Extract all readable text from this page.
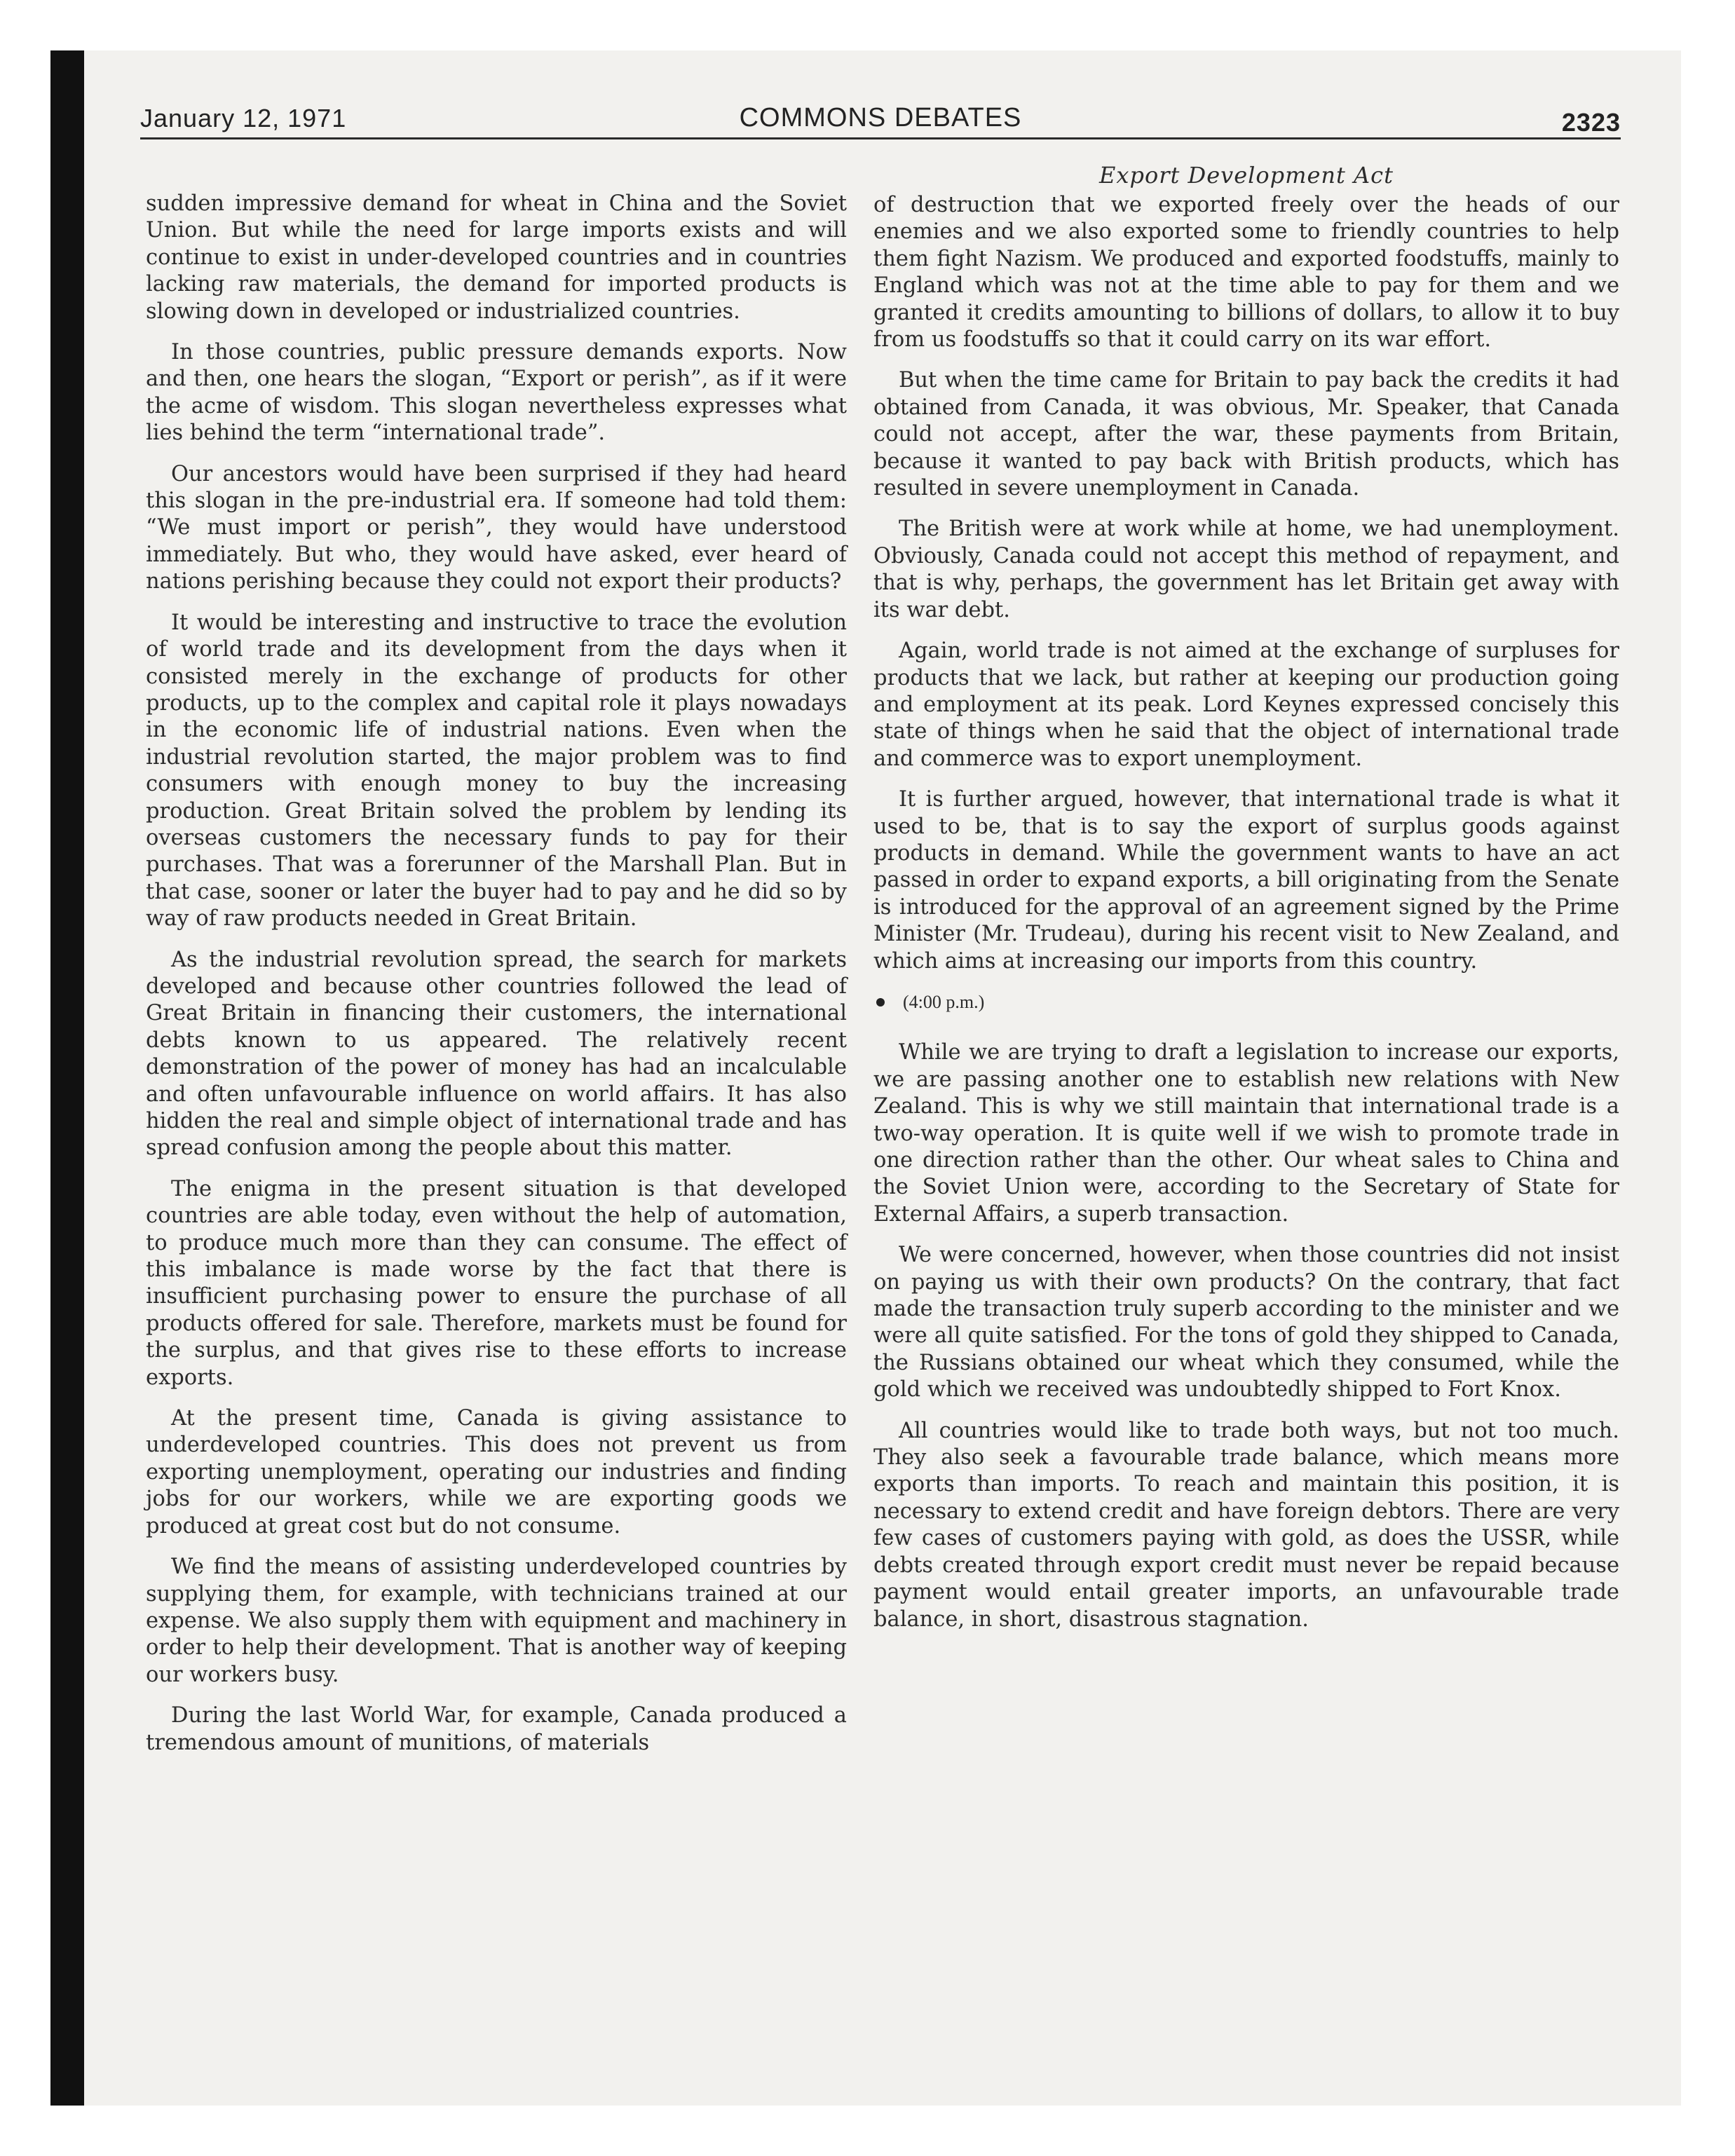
January 12, 1971	COMMONS DEBATES	2323

sudden impressive demand for wheat in China and the Soviet Union. But while the need for large imports exists and will continue to exist in under-developed countries and in countries lacking raw materials, the demand for imported products is slowing down in developed or industrialized countries.

In those countries, public pressure demands exports. Now and then, one hears the slogan, “Export or perish”, as if it were the acme of wisdom. This slogan nevertheless expresses what lies behind the term “international trade”.

Our ancestors would have been surprised if they had heard this slogan in the pre-industrial era. If someone had told them: “We must import or perish”, they would have understood immediately. But who, they would have asked, ever heard of nations perishing because they could not export their products?

It would be interesting and instructive to trace the evolution of world trade and its development from the days when it consisted merely in the exchange of products for other products, up to the complex and capital role it plays nowadays in the economic life of industrial nations. Even when the industrial revolution started, the major problem was to find consumers with enough money to buy the increasing production. Great Britain solved the problem by lending its overseas customers the necessary funds to pay for their purchases. That was a forerunner of the Marshall Plan. But in that case, sooner or later the buyer had to pay and he did so by way of raw products needed in Great Britain.

As the industrial revolution spread, the search for markets developed and because other countries followed the lead of Great Britain in financing their customers, the international debts known to us appeared. The relatively recent demonstration of the power of money has had an incalculable and often unfavourable influence on world affairs. It has also hidden the real and simple object of international trade and has spread confusion among the people about this matter.

The enigma in the present situation is that developed countries are able today, even without the help of automation, to produce much more than they can consume. The effect of this imbalance is made worse by the fact that there is insufficient purchasing power to ensure the purchase of all products offered for sale. Therefore, markets must be found for the surplus, and that gives rise to these efforts to increase exports.

At the present time, Canada is giving assistance to underdeveloped countries. This does not prevent us from exporting unemployment, operating our industries and finding jobs for our workers, while we are exporting goods we produced at great cost but do not consume.

We find the means of assisting underdeveloped countries by supplying them, for example, with technicians trained at our expense. We also supply them with equipment and machinery in order to help their development. That is another way of keeping our workers busy.

During the last World War, for example, Canada produced a tremendous amount of munitions, of materials

Export Development Act

of destruction that we exported freely over the heads of our enemies and we also exported some to friendly countries to help them fight Nazism. We produced and exported foodstuffs, mainly to England which was not at the time able to pay for them and we granted it credits amounting to billions of dollars, to allow it to buy from us foodstuffs so that it could carry on its war effort.

But when the time came for Britain to pay back the credits it had obtained from Canada, it was obvious, Mr. Speaker, that Canada could not accept, after the war, these payments from Britain, because it wanted to pay back with British products, which has resulted in severe unemployment in Canada.

The British were at work while at home, we had unemployment. Obviously, Canada could not accept this method of repayment, and that is why, perhaps, the government has let Britain get away with its war debt.

Again, world trade is not aimed at the exchange of surpluses for products that we lack, but rather at keeping our production going and employment at its peak. Lord Keynes expressed concisely this state of things when he said that the object of international trade and commerce was to export unemployment.

It is further argued, however, that international trade is what it used to be, that is to say the export of surplus goods against products in demand. While the government wants to have an act passed in order to expand exports, a bill originating from the Senate is introduced for the approval of an agreement signed by the Prime Minister (Mr. Trudeau), during his recent visit to New Zealand, and which aims at increasing our imports from this country.

(4:00 p.m.)

While we are trying to draft a legislation to increase our exports, we are passing another one to establish new relations with New Zealand. This is why we still maintain that international trade is a two-way operation. It is quite well if we wish to promote trade in one direction rather than the other. Our wheat sales to China and the Soviet Union were, according to the Secretary of State for External Affairs, a superb transaction.

We were concerned, however, when those countries did not insist on paying us with their own products? On the contrary, that fact made the transaction truly superb according to the minister and we were all quite satisfied. For the tons of gold they shipped to Canada, the Russians obtained our wheat which they consumed, while the gold which we received was undoubtedly shipped to Fort Knox.

All countries would like to trade both ways, but not too much. They also seek a favourable trade balance, which means more exports than imports. To reach and maintain this position, it is necessary to extend credit and have foreign debtors. There are very few cases of customers paying with gold, as does the USSR, while debts created through export credit must never be repaid because payment would entail greater imports, an unfavourable trade balance, in short, disastrous stagnation.
